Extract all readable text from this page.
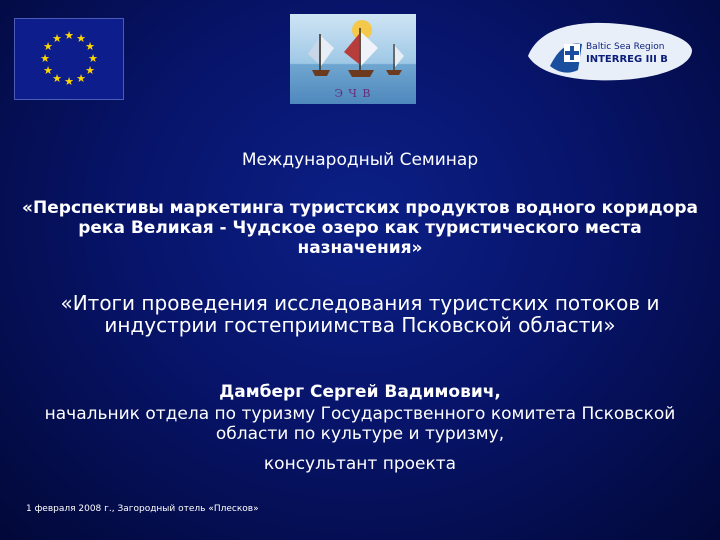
★ ★
★
★
★
★
★
★
★
★
★
★
Э Ч В
Baltic Sea Region
INTERREG III B
Международный Семинар
«Перспективы маркетинга туристских продуктов водного коридора река Великая - Чудское озеро как туристического места назначения»
«Итоги проведения исследования туристских потоков и индустрии гостеприимства Псковской области»
Дамберг Сергей Вадимович,
начальник отдела по туризму Государственного комитета Псковской области по культуре и туризму,
консультант проекта
1 февраля 2008 г., Загородный отель «Плесков»
